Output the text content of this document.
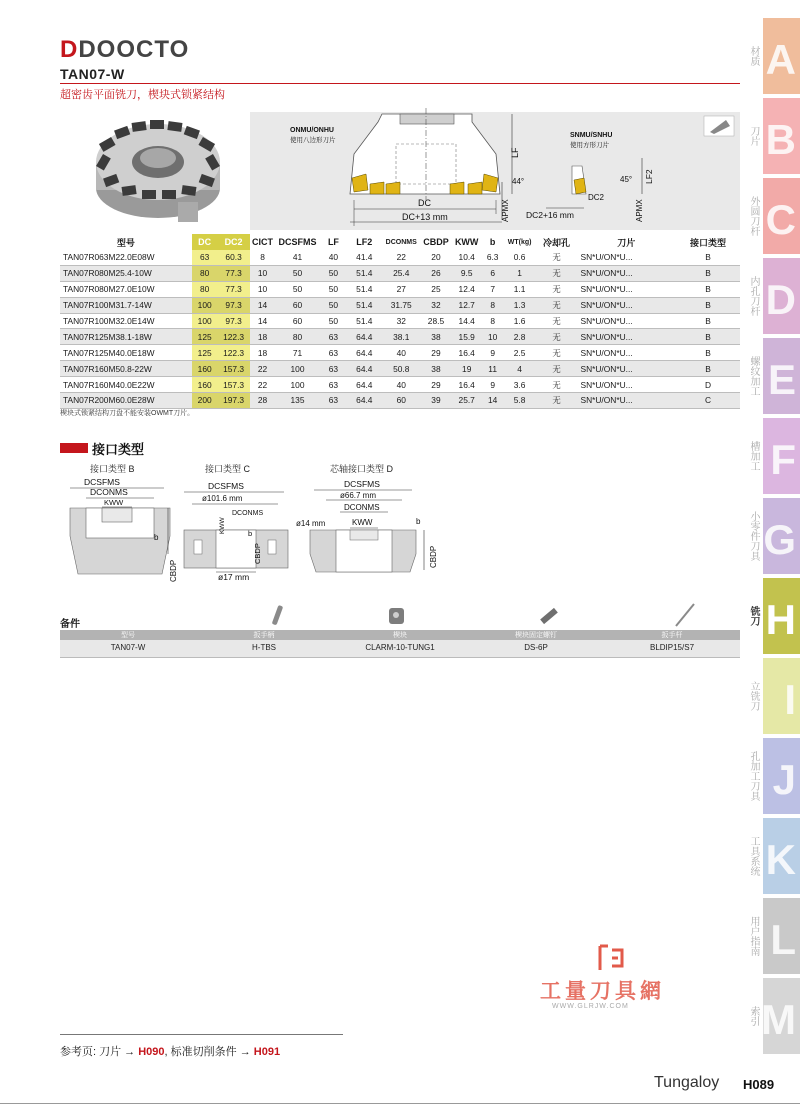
DDOOCTO
TAN07-W
超密齿平面铣刀，楔块式锁紧结构
ONMU/ONHU
使用八边形刀片
DC
DC+13 mm
LF
44°
APMX
SNMU/SNHU
使用方形刀片
DC2
DC2+16 mm
45° LF2
APMX
型号	DC	DC2	CICT	DCSFMS	LF	LF2	DCONMS	CBDP	KWW	b	WT(kg)	冷却孔	刀片	接口类型
TAN07R063M22.0E08W	63	60.3	8	41	40	41.4	22	20	10.4	6.3	0.6	无	SN*U/ON*U...	B
TAN07R080M25.4-10W	80	77.3	10	50	50	51.4	25.4	26	9.5	6	1	无	SN*U/ON*U...	B
TAN07R080M27.0E10W	80	77.3	10	50	50	51.4	27	25	12.4	7	1.1	无	SN*U/ON*U...	B
TAN07R100M31.7-14W	100	97.3	14	60	50	51.4	31.75	32	12.7	8	1.3	无	SN*U/ON*U...	B
TAN07R100M32.0E14W	100	97.3	14	60	50	51.4	32	28.5	14.4	8	1.6	无	SN*U/ON*U...	B
TAN07R125M38.1-18W	125	122.3	18	80	63	64.4	38.1	38	15.9	10	2.8	无	SN*U/ON*U...	B
TAN07R125M40.0E18W	125	122.3	18	71	63	64.4	40	29	16.4	9	2.5	无	SN*U/ON*U...	B
TAN07R160M50.8-22W	160	157.3	22	100	63	64.4	50.8	38	19	11	4	无	SN*U/ON*U...	B
TAN07R160M40.0E22W	160	157.3	22	100	63	64.4	40	29	16.4	9	3.6	无	SN*U/ON*U...	D
TAN07R200M60.0E28W	200	197.3	28	135	63	64.4	60	39	25.7	14	5.8	无	SN*U/ON*U...	C
楔块式锁紧结构刀盘不能安装OWMT刀片。
接口类型
接口类型 B
DCSFMS
DCONMS
KWW
b
CBDP
接口类型 C
DCSFMS
ø101.6 mm
DCONMS
KWW	b
CBDP
ø17 mm
芯轴接口类型 D
DCSFMS
ø66.7 mm
DCONMS
ø14 mm	KWW	b
CBDP
备件
型号	扳手柄	楔块	楔块固定螺钉	扳手杆
TAN07-W	H-TBS	CLARM-10-TUNG1	DS-6P	BLDIP15/S7
工量刀具網
WWW.GLRJW.COM
参考页: 刀片 → H090, 标准切削条件 → H091
Tungaloy H089
材质 A
刀片 B
外圆刀杆 C
内孔刀杆 D
螺纹加工 E
槽加工 F
小零件刀具 G
铣刀 H
立铣刀 I
孔加工刀具 J
工具系统 K
用户指南 L
索引 M
